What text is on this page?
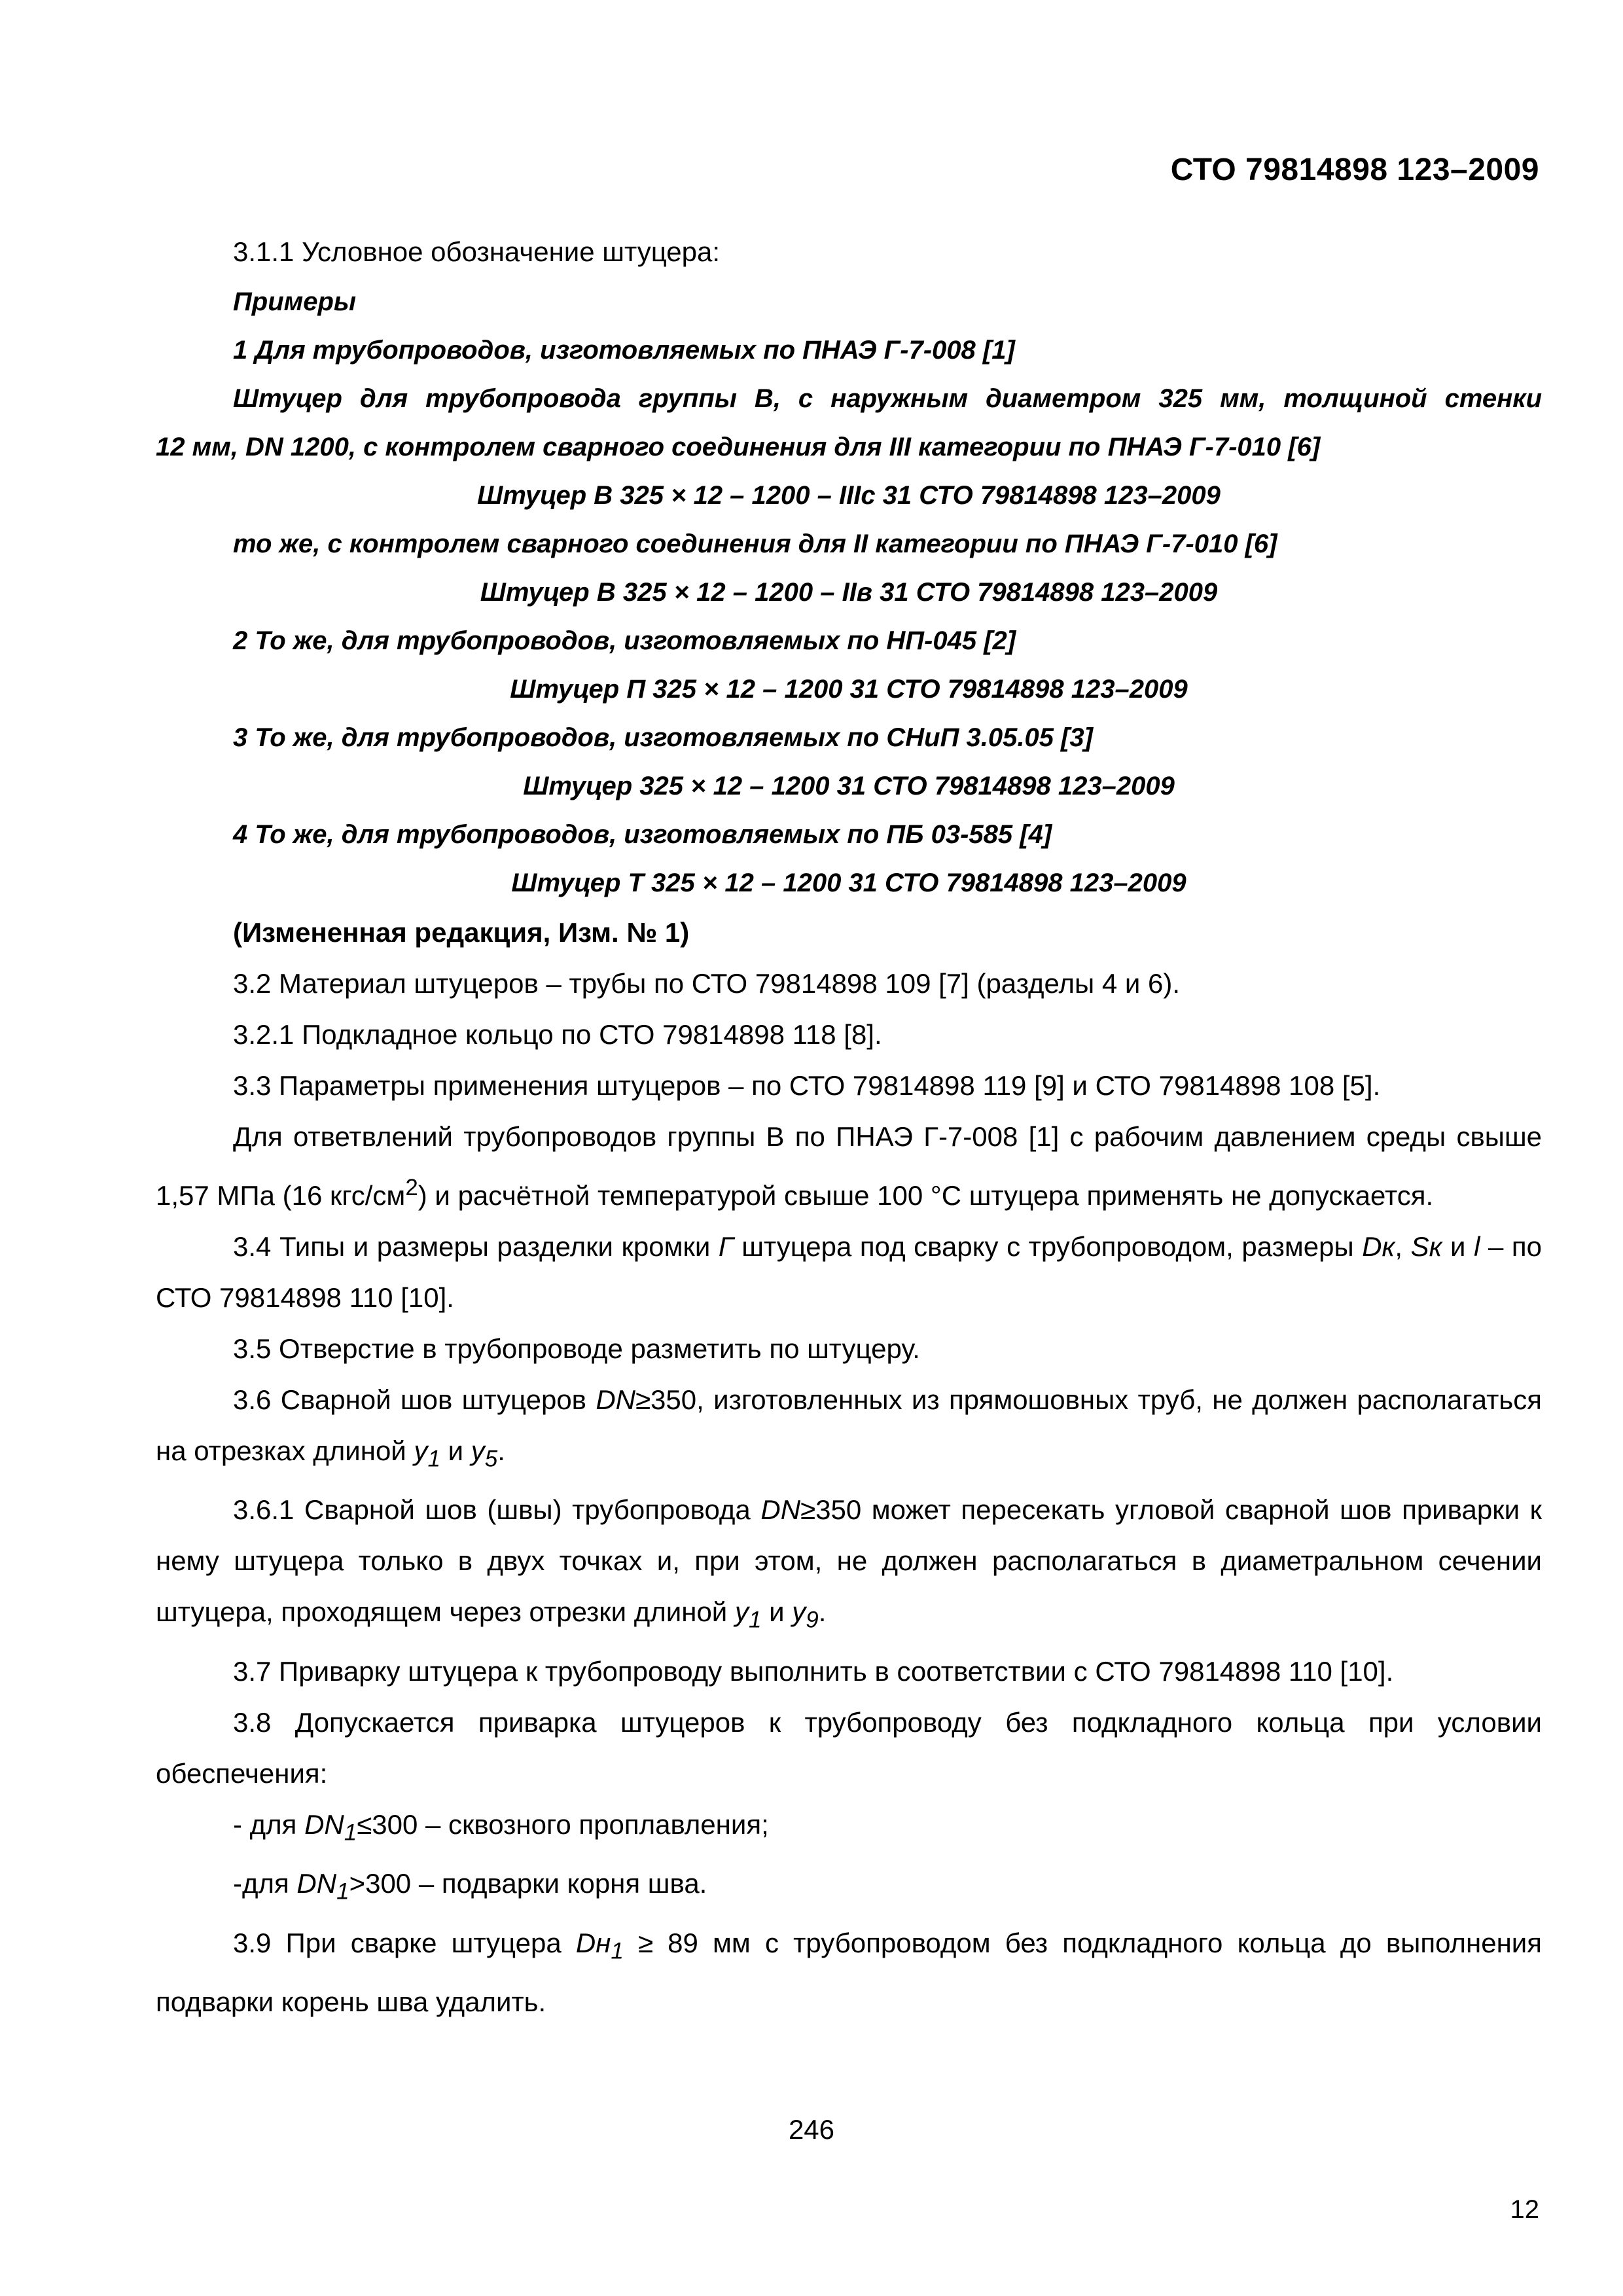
СТО 79814898 123–2009

3.1.1 Условное обозначение штуцера:

Примеры

1 Для трубопроводов, изготовляемых по ПНАЭ Г-7-008 [1]

Штуцер для трубопровода группы В, с наружным диаметром 325 мм, толщиной стенки

12 мм, DN 1200, с контролем сварного соединения для III категории по ПНАЭ Г-7-010 [6]

Штуцер В 325 × 12 – 1200 – IIIс 31 СТО 79814898 123–2009

то же, с контролем сварного соединения для II категории по ПНАЭ Г-7-010 [6]

Штуцер В 325 × 12 – 1200 – IIв 31 СТО 79814898 123–2009

2 То же, для трубопроводов, изготовляемых по НП-045 [2]

Штуцер П 325 × 12 – 1200 31 СТО 79814898 123–2009

3 То же, для трубопроводов, изготовляемых по СНиП 3.05.05 [3]

Штуцер 325 × 12 – 1200 31 СТО 79814898 123–2009

4 То же, для трубопроводов, изготовляемых по ПБ 03-585 [4]

Штуцер Т 325 × 12 – 1200 31 СТО 79814898 123–2009

(Измененная редакция, Изм. № 1)

3.2 Материал штуцеров – трубы по СТО 79814898 109 [7] (разделы 4 и 6).

3.2.1 Подкладное кольцо по СТО 79814898 118 [8].

3.3 Параметры применения штуцеров – по СТО 79814898 119 [9] и СТО 79814898 108 [5].

Для ответвлений трубопроводов группы В по ПНАЭ Г-7-008 [1] с рабочим давлением среды свыше 1,57 МПа (16 кгс/$см^2$) и расчётной температурой свыше 100 °С штуцера применять не допускается.

3.4 Типы и размеры разделки кромки Г штуцера под сварку с трубопроводом, размеры Dк, Sк и l – по СТО 79814898 110 [10].

3.5 Отверстие в трубопроводе разметить по штуцеру.

3.6 Сварной шов штуцеров DN≥350, изготовленных из прямошовных труб, не должен располагаться на отрезках длиной $y_1$ и $y_5$.

3.6.1 Сварной шов (швы) трубопровода DN≥350 может пересекать угловой сварной шов приварки к нему штуцера только в двух точках и, при этом, не должен располагаться в диаметральном сечении штуцера, проходящем через отрезки длиной $y_1$ и $y_9$.

3.7 Приварку штуцера к трубопроводу выполнить в соответствии с СТО 79814898 110 [10].

3.8 Допускается приварка штуцеров к трубопроводу без подкладного кольца при условии обеспечения:

- для $DN_1\le 300$ – сквозного проплавления;

-для $DN_1>300$ – подварки корня шва.

3.9 При сварке штуцера $Dн_1 \ge 89$ мм с трубопроводом без подкладного кольца до выполнения подварки корень шва удалить.

246
12
